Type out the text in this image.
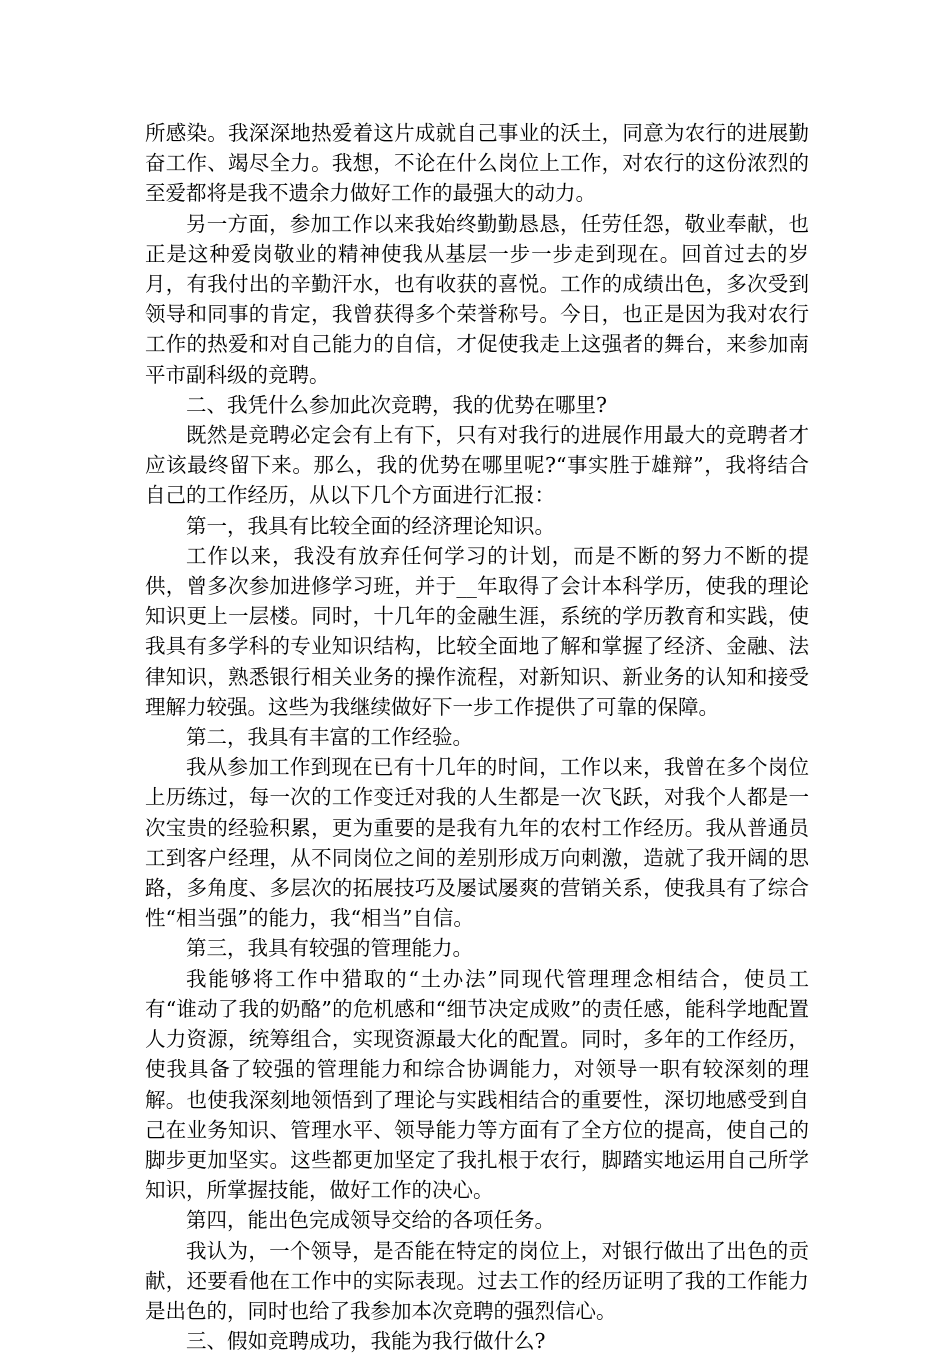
所感染。我深深地热爱着这片成就自己事业的沃土，同意为农行的进展勤奋工作、竭尽全力。我想，不论在什么岗位上工作，对农行的这份浓烈的至爱都将是我不遗余力做好工作的最强大的动力。

另一方面，参加工作以来我始终勤勤恳恳，任劳任怨，敬业奉献，也正是这种爱岗敬业的精神使我从基层一步一步走到现在。回首过去的岁月，有我付出的辛勤汗水，也有收获的喜悦。工作的成绩出色，多次受到领导和同事的肯定，我曾获得多个荣誉称号。今日，也正是因为我对农行工作的热爱和对自己能力的自信，才促使我走上这强者的舞台，来参加南平市副科级的竞聘。

二、我凭什么参加此次竞聘，我的优势在哪里?

既然是竞聘必定会有上有下，只有对我行的进展作用最大的竞聘者才应该最终留下来。那么，我的优势在哪里呢?“事实胜于雄辩”，我将结合自己的工作经历，从以下几个方面进行汇报：

第一，我具有比较全面的经济理论知识。

工作以来，我没有放弃任何学习的计划，而是不断的努力不断的提供，曾多次参加进修学习班，并于__年取得了会计本科学历，使我的理论知识更上一层楼。同时，十几年的金融生涯，系统的学历教育和实践，使我具有多学科的专业知识结构，比较全面地了解和掌握了经济、金融、法律知识，熟悉银行相关业务的操作流程，对新知识、新业务的认知和接受理解力较强。这些为我继续做好下一步工作提供了可靠的保障。

第二，我具有丰富的工作经验。

我从参加工作到现在已有十几年的时间，工作以来，我曾在多个岗位上历练过，每一次的工作变迁对我的人生都是一次飞跃，对我个人都是一次宝贵的经验积累，更为重要的是我有九年的农村工作经历。我从普通员工到客户经理，从不同岗位之间的差别形成万向刺激，造就了我开阔的思路，多角度、多层次的拓展技巧及屡试屡爽的营销关系，使我具有了综合性“相当强”的能力，我“相当”自信。

第三，我具有较强的管理能力。

我能够将工作中猎取的“土办法”同现代管理理念相结合，使员工有“谁动了我的奶酪”的危机感和“细节决定成败”的责任感，能科学地配置人力资源，统筹组合，实现资源最大化的配置。同时，多年的工作经历，使我具备了较强的管理能力和综合协调能力，对领导一职有较深刻的理解。也使我深刻地领悟到了理论与实践相结合的重要性，深切地感受到自己在业务知识、管理水平、领导能力等方面有了全方位的提高，使自己的脚步更加坚实。这些都更加坚定了我扎根于农行，脚踏实地运用自己所学知识，所掌握技能，做好工作的决心。

第四，能出色完成领导交给的各项任务。

我认为，一个领导，是否能在特定的岗位上，对银行做出了出色的贡献，还要看他在工作中的实际表现。过去工作的经历证明了我的工作能力是出色的，同时也给了我参加本次竞聘的强烈信心。

三、假如竞聘成功，我能为我行做什么?
